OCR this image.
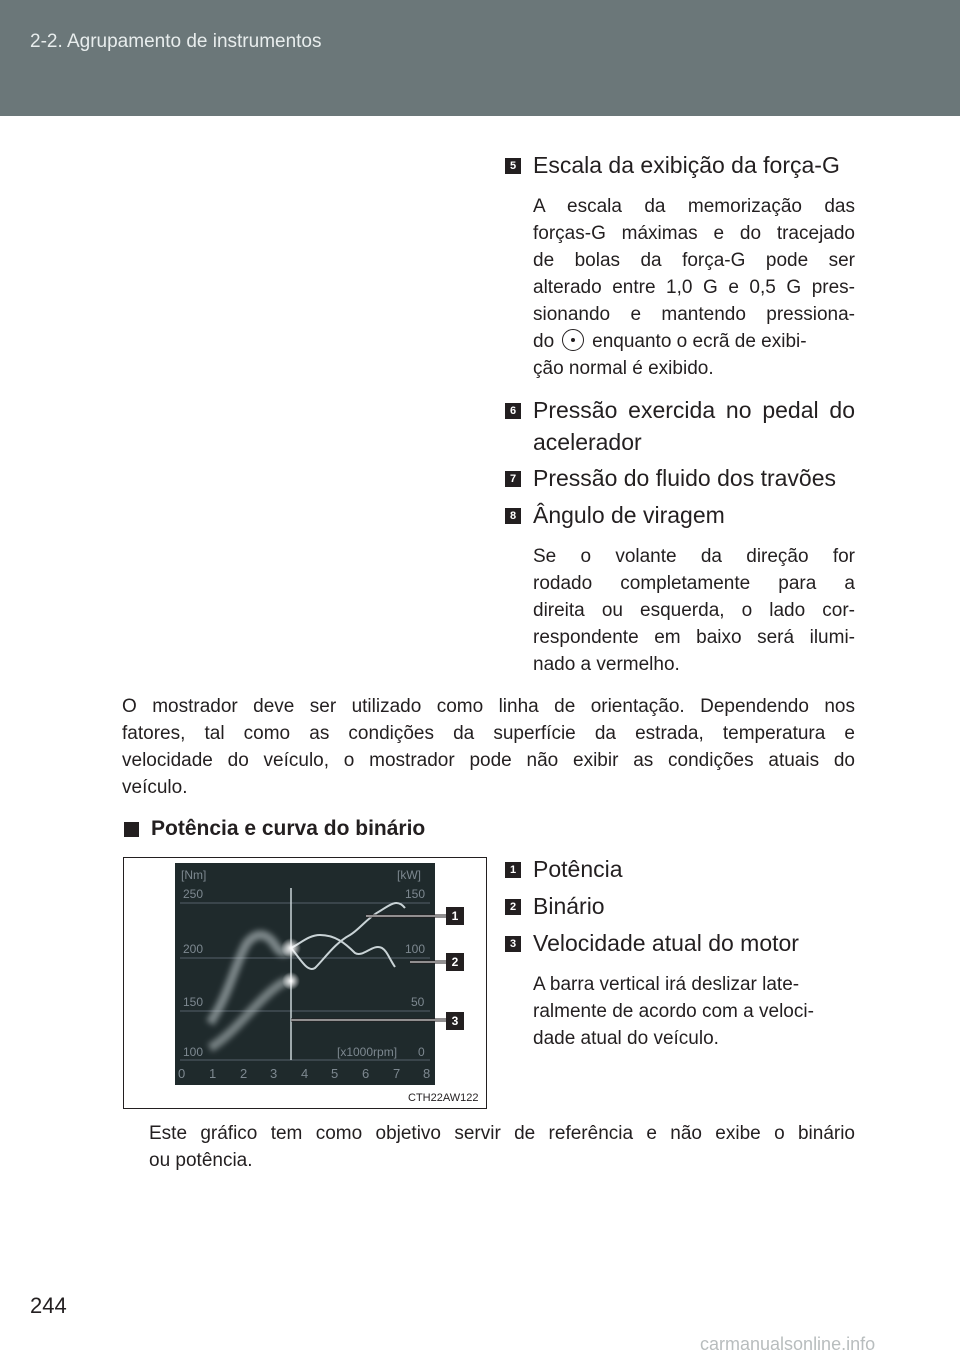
2-2. Agrupamento de instrumentos
5 Escala da exibição da força-G

A escala da memorização das

forças-G máximas e do tracejado

de bolas da força-G pode ser

alterado entre 1,0 G e 0,5 G pres-

sionando e mantendo pressiona-

do enquanto o ecrã de exibi-

ção normal é exibido.

6 Pressão exercida no pedal do
acelerador
7 Pressão do fluido dos travões
8 Ângulo de viragem

Se o volante da direção for

rodado completamente para a

direita ou esquerda, o lado cor-

respondente em baixo será ilumi-

nado a vermelho.

O mostrador deve ser utilizado como linha de orientação. Dependendo nos

fatores, tal como as condições da superfície da estrada, temperatura e

velocidade do veículo, o mostrador pode não exibir as condições atuais do

veículo.

Potência e curva do binário
[Nm]	[kW]
250
200
150
100
150
100
50
0
[x1000rpm]
0 1 2 3 4 5 6 7 8
1
2
3
CTH22AW122
1 Potência
2 Binário
3 Velocidade atual do motor

A barra vertical irá deslizar late-

ralmente de acordo com a veloci-

dade atual do veículo.

Este gráfico tem como objetivo servir de referência e não exibe o binário

ou potência.

244
carmanualsonline.info
